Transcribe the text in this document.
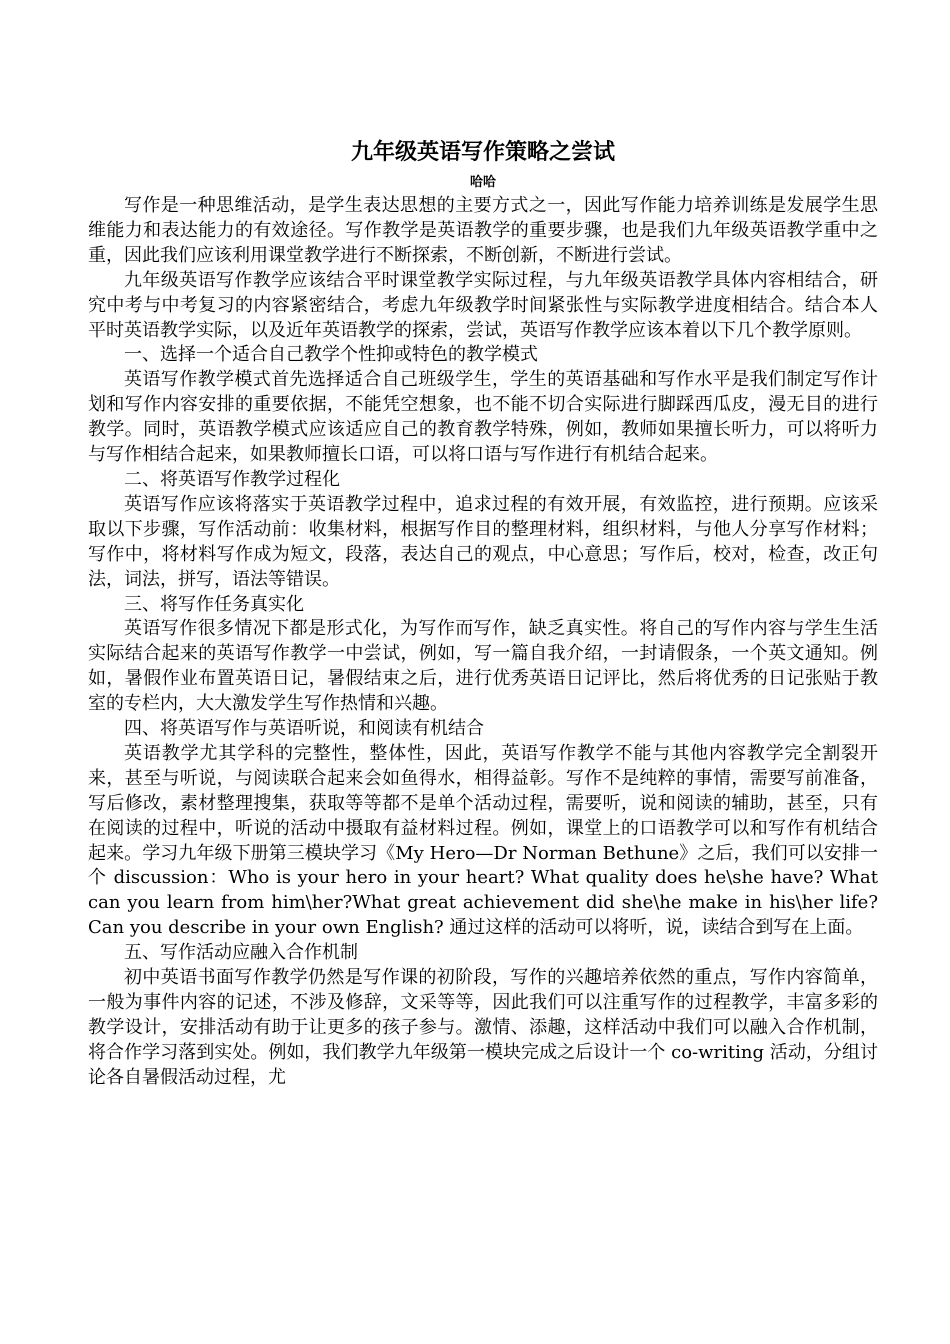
九年级英语写作策略之尝试
哈哈

写作是一种思维活动，是学生表达思想的主要方式之一，因此写作能力培养训练是发展学生思维能力和表达能力的有效途径。写作教学是英语教学的重要步骤，也是我们九年级英语教学重中之重，因此我们应该利用课堂教学进行不断探索，不断创新，不断进行尝试。

九年级英语写作教学应该结合平时课堂教学实际过程，与九年级英语教学具体内容相结合，研究中考与中考复习的内容紧密结合，考虑九年级教学时间紧张性与实际教学进度相结合。结合本人平时英语教学实际，以及近年英语教学的探索，尝试，英语写作教学应该本着以下几个教学原则。

一、选择一个适合自己教学个性抑或特色的教学模式

英语写作教学模式首先选择适合自己班级学生，学生的英语基础和写作水平是我们制定写作计划和写作内容安排的重要依据，不能凭空想象，也不能不切合实际进行脚踩西瓜皮，漫无目的进行教学。同时，英语教学模式应该适应自己的教育教学特殊，例如，教师如果擅长听力，可以将听力与写作相结合起来，如果教师擅长口语，可以将口语与写作进行有机结合起来。

二、将英语写作教学过程化

英语写作应该将落实于英语教学过程中，追求过程的有效开展，有效监控，进行预期。应该采取以下步骤，写作活动前：收集材料，根据写作目的整理材料，组织材料，与他人分享写作材料；写作中，将材料写作成为短文，段落，表达自己的观点，中心意思；写作后，校对，检查，改正句法，词法，拼写，语法等错误。

三、将写作任务真实化

英语写作很多情况下都是形式化，为写作而写作，缺乏真实性。将自己的写作内容与学生生活实际结合起来的英语写作教学一中尝试，例如，写一篇自我介绍，一封请假条，一个英文通知。例如，暑假作业布置英语日记，暑假结束之后，进行优秀英语日记评比，然后将优秀的日记张贴于教室的专栏内，大大激发学生写作热情和兴趣。

四、将英语写作与英语听说，和阅读有机结合

英语教学尤其学科的完整性，整体性，因此，英语写作教学不能与其他内容教学完全割裂开来，甚至与听说，与阅读联合起来会如鱼得水，相得益彰。写作不是纯粹的事情，需要写前准备，写后修改，素材整理搜集，获取等等都不是单个活动过程，需要听，说和阅读的辅助，甚至，只有在阅读的过程中，听说的活动中摄取有益材料过程。例如，课堂上的口语教学可以和写作有机结合起来。学习九年级下册第三模块学习《My Hero—Dr Norman Bethune》之后，我们可以安排一个 discussion：Who is your hero in your heart? What quality does he\she have? What can you learn from him\her?What great achievement did she\he make in his\her life? Can you describe in your own English? 通过这样的活动可以将听，说，读结合到写在上面。

五、写作活动应融入合作机制

初中英语书面写作教学仍然是写作课的初阶段，写作的兴趣培养依然的重点，写作内容简单，一般为事件内容的记述，不涉及修辞，文采等等，因此我们可以注重写作的过程教学，丰富多彩的教学设计，安排活动有助于让更多的孩子参与。激情、添趣，这样活动中我们可以融入合作机制，将合作学习落到实处。例如，我们教学九年级第一模块完成之后设计一个 co-writing 活动，分组讨论各自暑假活动过程，尤
